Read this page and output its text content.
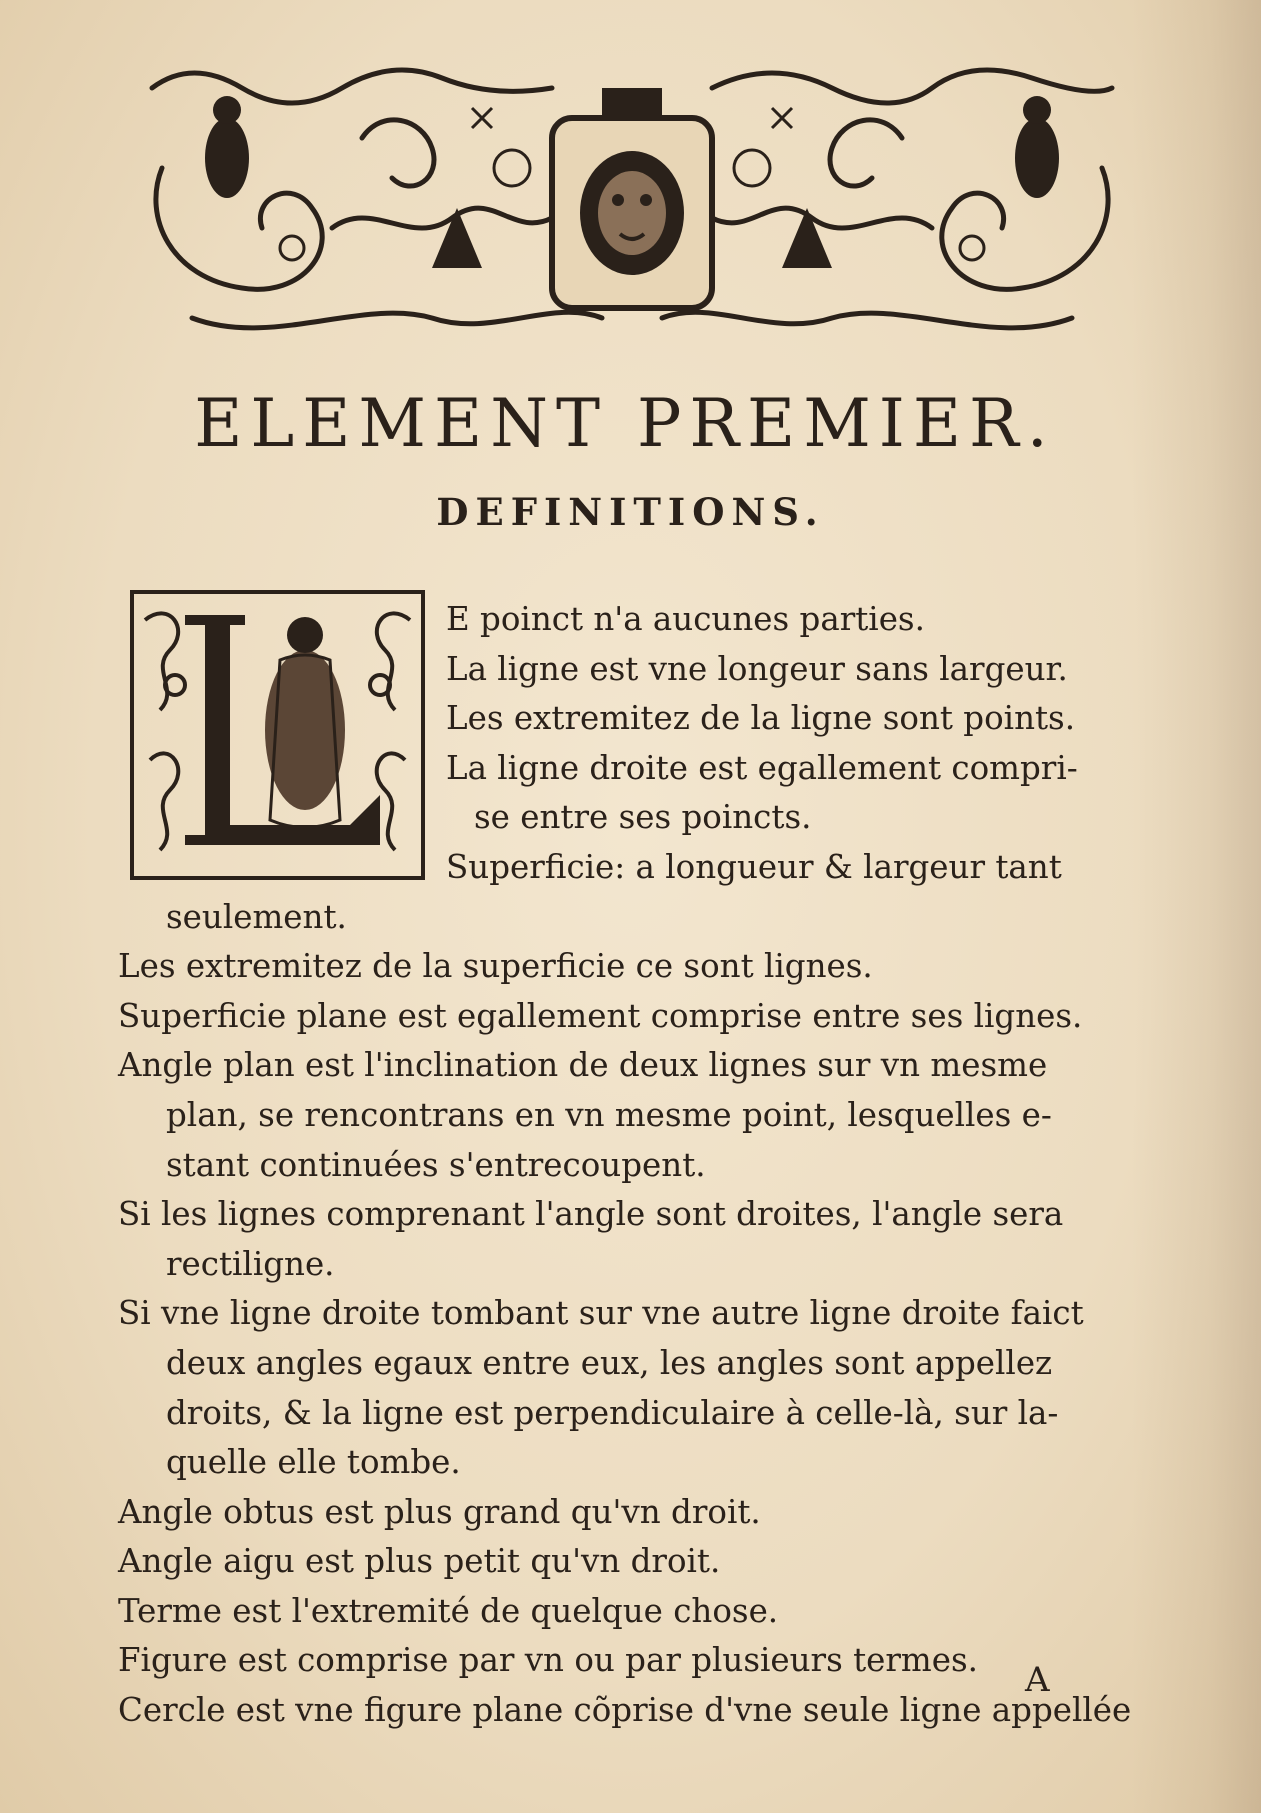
ELEMENT PREMIER.
DEFINITIONS.
E poinct n'a aucunes parties.
La ligne est vne longeur sans largeur.
Les extremitez de la ligne sont points.
La ligne droite est egallement compri-
se entre ses poincts.
Superficie: a longueur & largeur tant
seulement.
Les extremitez de la superficie ce sont lignes.
Superficie plane est egallement comprise entre ses lignes.
Angle plan est l'inclination de deux lignes sur vn mesme
plan, se rencontrans en vn mesme point, lesquelles e-
stant continuées s'entrecoupent.
Si les lignes comprenant l'angle sont droites, l'angle sera
rectiligne.
Si vne ligne droite tombant sur vne autre ligne droite faict
deux angles egaux entre eux, les angles sont appellez
droits, & la ligne est perpendiculaire à celle-là, sur la-
quelle elle tombe.
Angle obtus est plus grand qu'vn droit.
Angle aigu est plus petit qu'vn droit.
Terme est l'extremité de quelque chose.
Figure est comprise par vn ou par plusieurs termes.
Cercle est vne figure plane cõprise d'vne seule ligne appellée

A
